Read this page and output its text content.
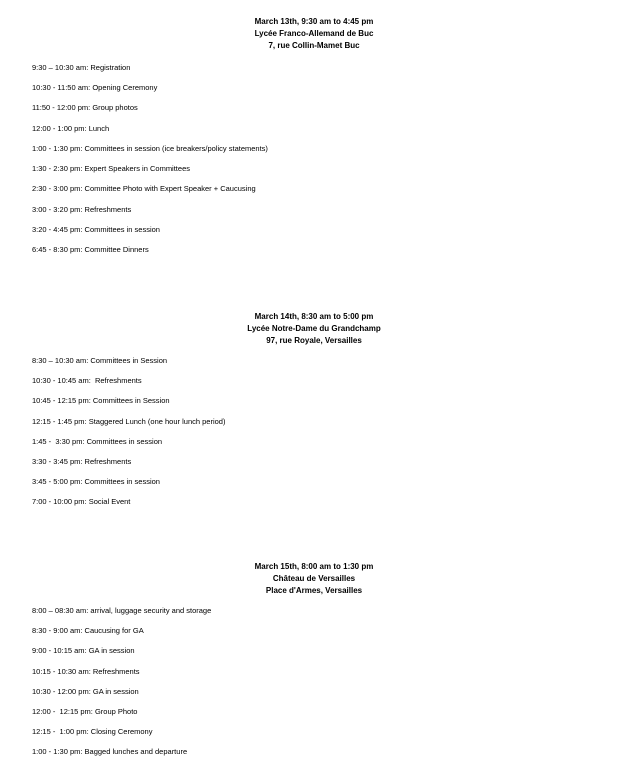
March 13th, 9:30 am to 4:45 pm
Lycée Franco-Allemand de Buc
7, rue Collin-Mamet Buc
9:30 – 10:30 am: Registration
10:30 - 11:50 am: Opening Ceremony
11:50 - 12:00 pm: Group photos
12:00 - 1:00 pm: Lunch
1:00 - 1:30 pm: Committees in session (ice breakers/policy statements)
1:30 - 2:30 pm: Expert Speakers in Committees
2:30 - 3:00 pm: Committee Photo with Expert Speaker + Caucusing
3:00 - 3:20 pm: Refreshments
3:20 - 4:45 pm: Committees in session
6:45 - 8:30 pm: Committee Dinners
March 14th, 8:30 am to 5:00 pm
Lycée Notre-Dame du Grandchamp
97, rue Royale, Versailles
8:30 – 10:30 am: Committees in Session
10:30 - 10:45 am:  Refreshments
10:45 - 12:15 pm: Committees in Session
12:15 - 1:45 pm: Staggered Lunch (one hour lunch period)
1:45 -  3:30 pm: Committees in session
3:30 - 3:45 pm: Refreshments
3:45 - 5:00 pm: Committees in session
7:00 - 10:00 pm: Social Event
March 15th, 8:00 am to 1:30 pm
Château de Versailles
Place d'Armes, Versailles
8:00 – 08:30 am: arrival, luggage security and storage
8:30 - 9:00 am: Caucusing for GA
9:00 - 10:15 am: GA in session
10:15 - 10:30 am: Refreshments
10:30 - 12:00 pm: GA in session
12:00 -  12:15 pm: Group Photo
12:15 -  1:00 pm: Closing Ceremony
1:00 - 1:30 pm: Bagged lunches and departure
